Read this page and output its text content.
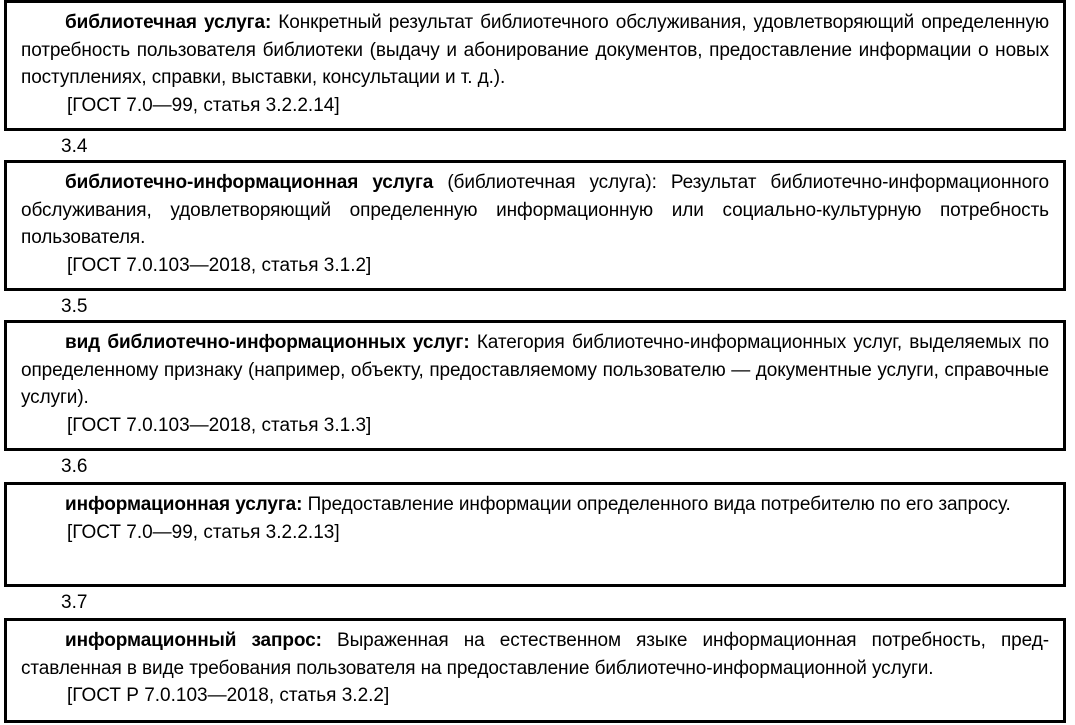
библиотечная услуга: Конкретный результат библиотечного обслуживания, удовлетворяющий определенную потребность пользователя библиотеки (выдачу и абонирование документов, предоставление информации о новых поступлениях, справки, выставки, консультации и т. д.).

[ГОСТ 7.0—99, статья 3.2.2.14]

3.4

библиотечно-информационная услуга (библиотечная услуга): Результат библиотечно-информационного обслуживания, удовлетворяющий определенную информационную или социально-культурную потребность пользователя.

[ГОСТ 7.0.103—2018, статья 3.1.2]

3.5

вид библиотечно-информационных услуг: Категория библиотечно-информационных услуг, выделяемых по определенному признаку (например, объекту, предоставляемому пользователю — документные услуги, справочные услуги).

[ГОСТ 7.0.103—2018, статья 3.1.3]

3.6

информационная услуга: Предоставление информации определенного вида потребителю по его запросу.

[ГОСТ 7.0—99, статья 3.2.2.13]

3.7

информационный запрос: Выраженная на естественном языке информационная потребность, представленная в виде требования пользователя на предоставление библиотечно-информационной услуги.

[ГОСТ Р 7.0.103—2018, статья 3.2.2]
